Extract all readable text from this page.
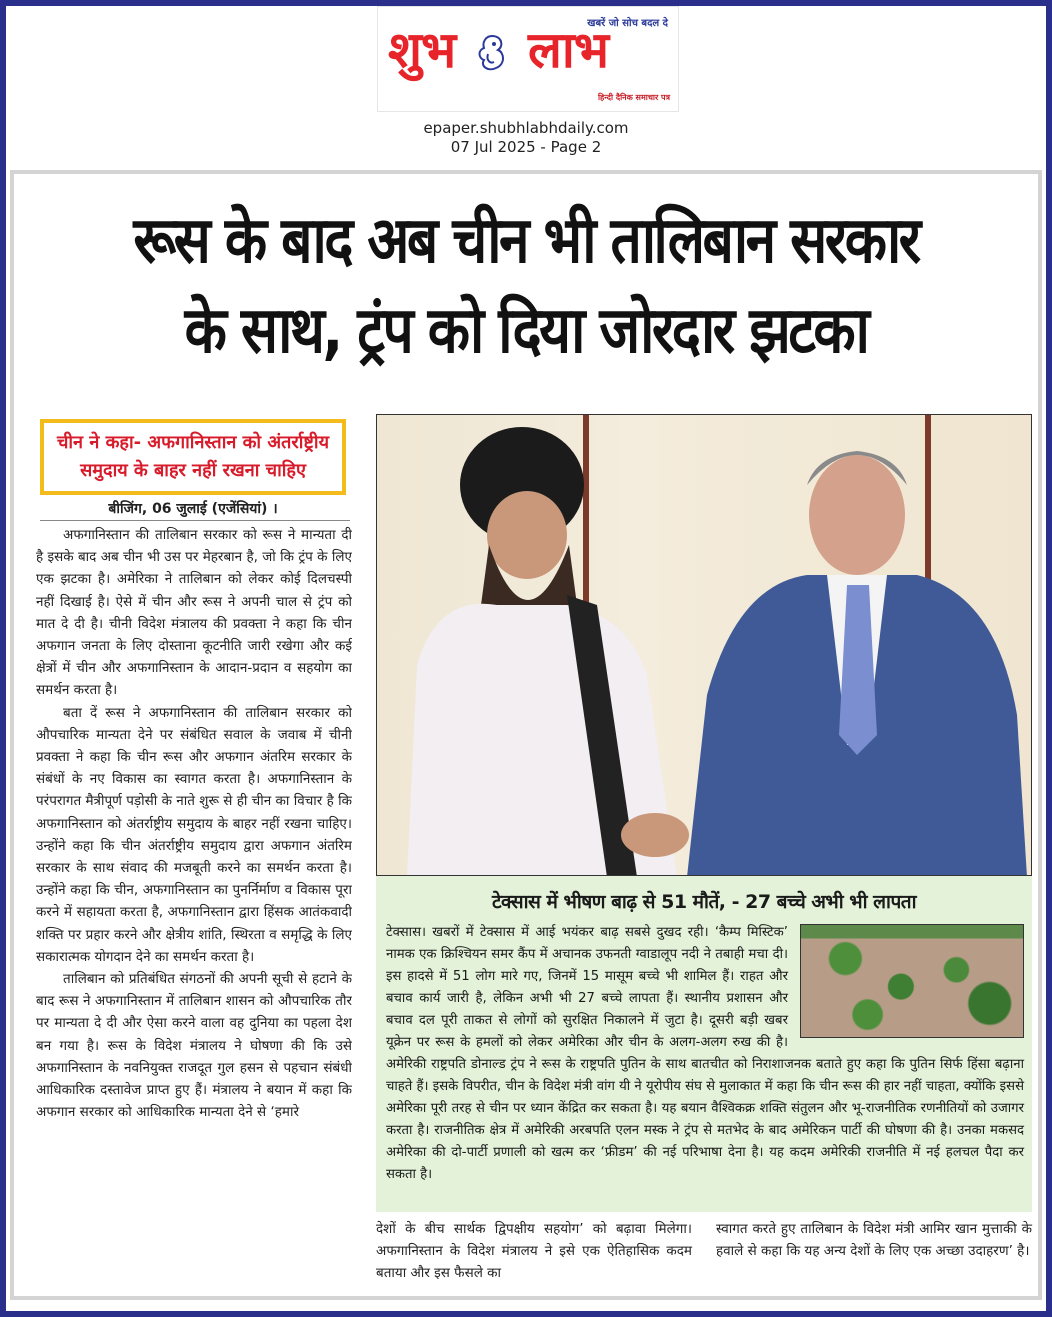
खबरें जो सोच बदल दे
शुभ लाभ
हिन्दी दैनिक समाचार पत्र
epaper.shubhlabhdaily.com
07 Jul 2025 - Page 2
रूस के बाद अब चीन भी तालिबान सरकार
के साथ, ट्रंप को दिया जोरदार झटका
चीन ने कहा- अफगानिस्तान को अंतर्राष्ट्रीय
समुदाय के बाहर नहीं रखना चाहिए
बीजिंग, 06 जुलाई (एजेंसियां) ।

अफगानिस्तान की तालिबान सरकार को रूस ने मान्यता दी है इसके बाद अब चीन भी उस पर मेहरबान है, जो कि ट्रंप के लिए एक झटका है। अमेरिका ने तालिबान को लेकर कोई दिलचस्पी नहीं दिखाई है। ऐसे में चीन और रूस ने अपनी चाल से ट्रंप को मात दे दी है। चीनी विदेश मंत्रालय की प्रवक्ता ने कहा कि चीन अफगान जनता के लिए दोस्ताना कूटनीति जारी रखेगा और कई क्षेत्रों में चीन और अफगानिस्तान के आदान-प्रदान व सहयोग का समर्थन करता है।

बता दें रूस ने अफगानिस्तान की तालिबान सरकार को औपचारिक मान्यता देने पर संबंधित सवाल के जवाब में चीनी प्रवक्ता ने कहा कि चीन रूस और अफगान अंतरिम सरकार के संबंधों के नए विकास का स्वागत करता है। अफगानिस्तान के परंपरागत मैत्रीपूर्ण पड़ोसी के नाते शुरू से ही चीन का विचार है कि अफगानिस्तान को अंतर्राष्ट्रीय समुदाय के बाहर नहीं रखना चाहिए। उन्होंने कहा कि चीन अंतर्राष्ट्रीय समुदाय द्वारा अफगान अंतरिम सरकार के साथ संवाद की मजबूती करने का समर्थन करता है। उन्होंने कहा कि चीन, अफगानिस्तान का पुनर्निर्माण व विकास पूरा करने में सहायता करता है, अफगानिस्तान द्वारा हिंसक आतंकवादी शक्ति पर प्रहार करने और क्षेत्रीय शांति, स्थिरता व समृद्धि के लिए सकारात्मक योगदान देने का समर्थन करता है।

तालिबान को प्रतिबंधित संगठनों की अपनी सूची से हटाने के बाद रूस ने अफगानिस्तान में तालिबान शासन को औपचारिक तौर पर मान्यता दे दी और ऐसा करने वाला वह दुनिया का पहला देश बन गया है। रूस के विदेश मंत्रालय ने घोषणा की कि उसे अफगानिस्तान के नवनियुक्त राजदूत गुल हसन से पहचान संबंधी आधिकारिक दस्तावेज प्राप्त हुए हैं। मंत्रालय ने बयान में कहा कि अफगान सरकार को आधिकारिक मान्यता देने से ‘हमारे

टेक्सास में भीषण बाढ़ से 51 मौतें, - 27 बच्चे अभी भी लापता
टेक्सास। खबरों में टेक्सास में आई भयंकर बाढ़ सबसे दुखद रही। ‘कैम्प मिस्टिक’ नामक एक क्रिश्चियन समर कैंप में अचानक उफनती ग्वाडालूप नदी ने तबाही मचा दी। इस हादसे में 51 लोग मारे गए, जिनमें 15 मासूम बच्चे भी शामिल हैं। राहत और बचाव कार्य जारी है, लेकिन अभी भी 27 बच्चे लापता हैं। स्थानीय प्रशासन और बचाव दल पूरी ताकत से लोगों को सुरक्षित निकालने में जुटा है। दूसरी बड़ी खबर यूक्रेन पर रूस के हमलों को लेकर अमेरिका और चीन के अलग-अलग रुख की है। अमेरिकी राष्ट्रपति डोनाल्ड ट्रंप ने रूस के राष्ट्रपति पुतिन के साथ बातचीत को निराशाजनक बताते हुए कहा कि पुतिन सिर्फ हिंसा बढ़ाना चाहते हैं। इसके विपरीत, चीन के विदेश मंत्री वांग यी ने यूरोपीय संघ से मुलाकात में कहा कि चीन रूस की हार नहीं चाहता, क्योंकि इससे अमेरिका पूरी तरह से चीन पर ध्यान केंद्रित कर सकता है। यह बयान वैश्विकक्र शक्ति संतुलन और भू-राजनीतिक रणनीतियों को उजागर करता है। राजनीतिक क्षेत्र में अमेरिकी अरबपति एलन मस्क ने ट्रंप से मतभेद के बाद अमेरिकन पार्टी की घोषणा की है। उनका मकसद अमेरिका की दो-पार्टी प्रणाली को खत्म कर ‘फ्रीडम’ की नई परिभाषा देना है। यह कदम अमेरिकी राजनीति में नई हलचल पैदा कर सकता है।

देशों के बीच सार्थक द्विपक्षीय सहयोग’ को बढ़ावा मिलेगा। अफगानिस्तान के विदेश मंत्रालय ने इसे एक ऐतिहासिक कदम बताया और इस फैसले का

स्वागत करते हुए तालिबान के विदेश मंत्री आमिर खान मुत्ताकी के हवाले से कहा कि यह अन्य देशों के लिए एक अच्छा उदाहरण’ है।
